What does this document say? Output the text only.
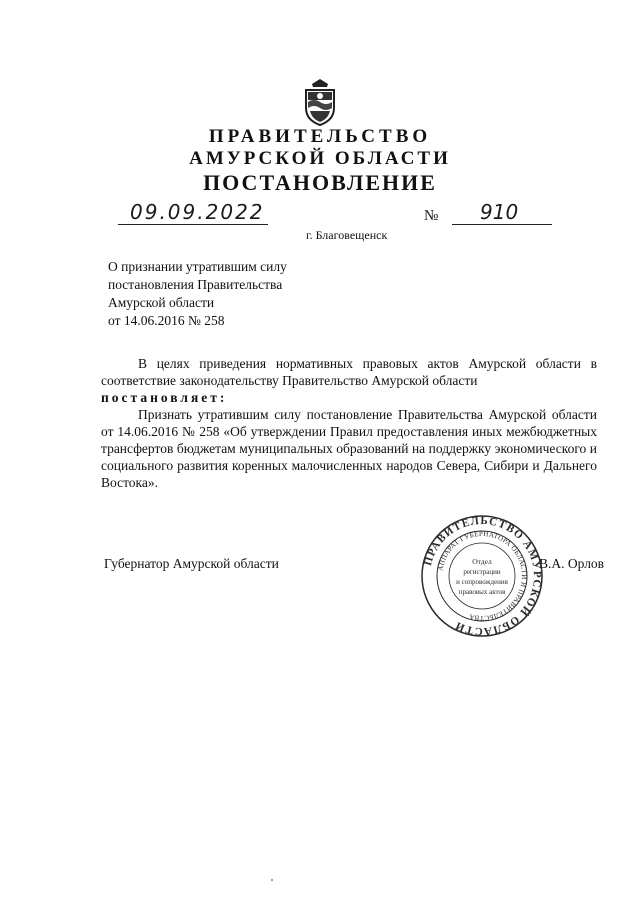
ПРАВИТЕЛЬСТВО
АМУРСКОЙ ОБЛАСТИ
ПОСТАНОВЛЕНИЕ
09.09.2022	№ 910
г. Благовещенск
О признании утратившим силу
постановления Правительства
Амурской области
от 14.06.2016 № 258

В целях приведения нормативных правовых актов Амурской области в соответствие законодательству Правительство Амурской области

постановляет:

Признать утратившим силу постановление Правительства Амурской области от 14.06.2016 № 258 «Об утверждении Правил предоставления иных межбюджетных трансфертов бюджетам муниципальных образований на поддержку экономического и социального развития коренных малочисленных народов Севера, Сибири и Дальнего Востока».

Губернатор Амурской области	В.А. Орлов
ПРАВИТЕЛЬСТВО АМУРСКОЙ ОБЛАСТИ
АППАРАТ ГУБЕРНАТОРА ОБЛАСТИ И ПРАВИТЕЛЬСТВА
Отдел
регистрации
и сопровождения
правовых актов
